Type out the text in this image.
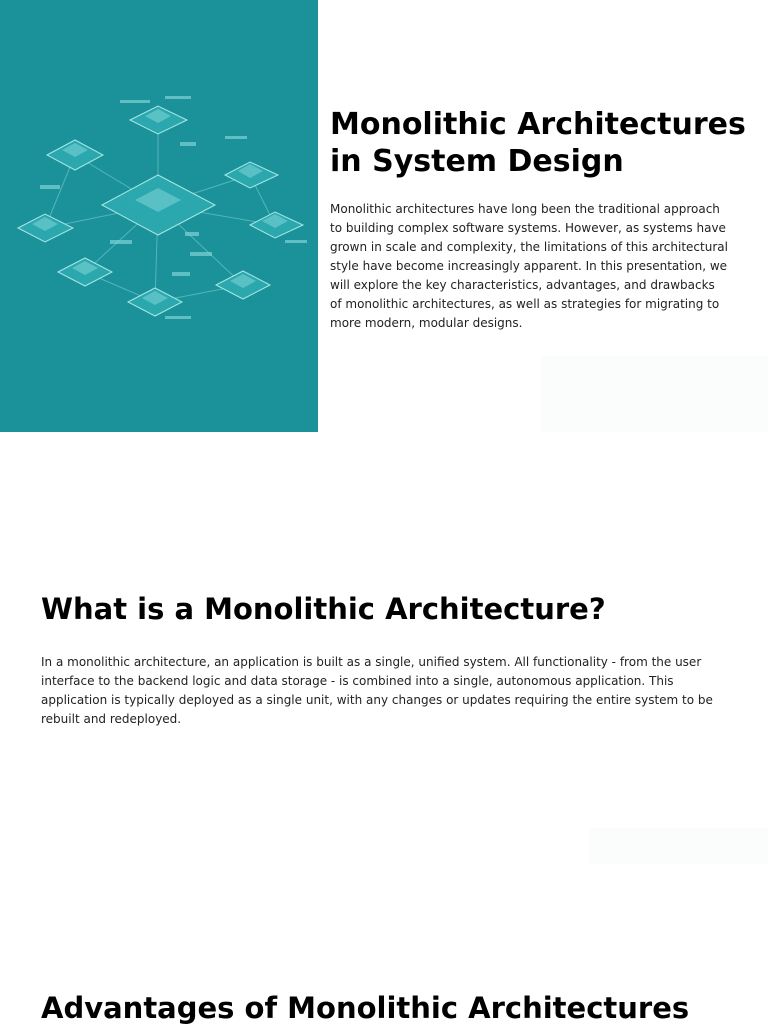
Monolithic Architectures in System Design

Monolithic architectures have long been the traditional approach to building complex software systems. However, as systems have grown in scale and complexity, the limitations of this architectural style have become increasingly apparent. In this presentation, we will explore the key characteristics, advantages, and drawbacks of monolithic architectures, as well as strategies for migrating to more modern, modular designs.

What is a Monolithic Architecture?

In a monolithic architecture, an application is built as a single, unified system. All functionality - from the user interface to the backend logic and data storage - is combined into a single, autonomous application. This application is typically deployed as a single unit, with any changes or updates requiring the entire system to be rebuilt and redeployed.

Advantages of Monolithic Architectures
